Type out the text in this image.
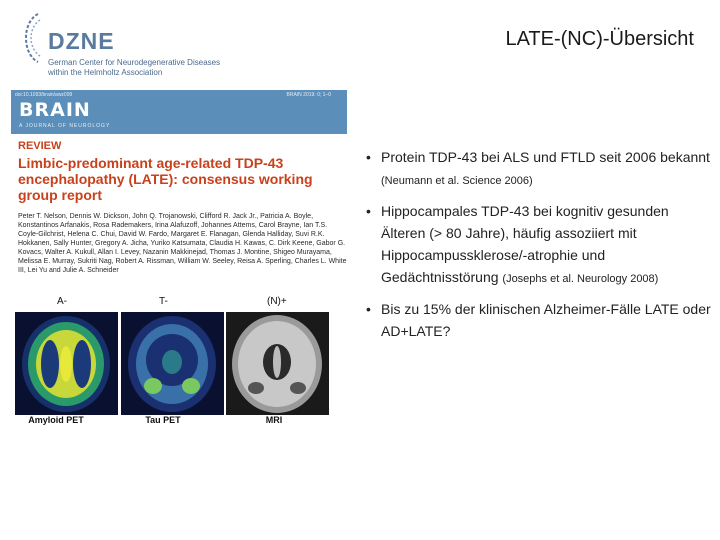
DZNE
German Center for Neurodegenerative Diseases
within the Helmholtz Association
LATE-(NC)-Übersicht
doi:10.1093/brain/awz099	BRAIN 2019: 0; 1–0
BRAIN
A JOURNAL OF NEUROLOGY
REVIEW
Limbic-predominant age-related TDP-43 encephalopathy (LATE): consensus working group report
Peter T. Nelson, Dennis W. Dickson, John Q. Trojanowski, Clifford R. Jack Jr., Patricia A. Boyle, Konstantinos Arfanakis, Rosa Rademakers, Irina Alafuzoff, Johannes Attems, Carol Brayne, Ian T.S. Coyle-Gilchrist, Helena C. Chui, David W. Fardo, Margaret E. Flanagan, Glenda Halliday, Suvi R.K. Hokkanen, Sally Hunter, Gregory A. Jicha, Yuriko Katsumata, Claudia H. Kawas, C. Dirk Keene, Gabor G. Kovacs, Walter A. Kukull, Allan I. Levey, Nazanin Makkinejad, Thomas J. Montine, Shigeo Murayama, Melissa E. Murray, Sukriti Nag, Robert A. Rissman, William W. Seeley, Reisa A. Sperling, Charles L. White III, Lei Yu and Julie A. Schneider
A-	T-	(N)+
Amyloid PET	Tau PET	MRI
• Protein TDP-43 bei ALS und FTLD seit 2006 bekannt (Neumann et al. Science 2006)
• Hippocampales TDP-43 bei kognitiv gesunden Älteren (> 80 Jahre), häufig assoziiert mit Hippocampussklerose/-atrophie und Gedächtnisstörung (Josephs et al. Neurology 2008)
• Bis zu 15% der klinischen Alzheimer-Fälle LATE oder AD+LATE?
